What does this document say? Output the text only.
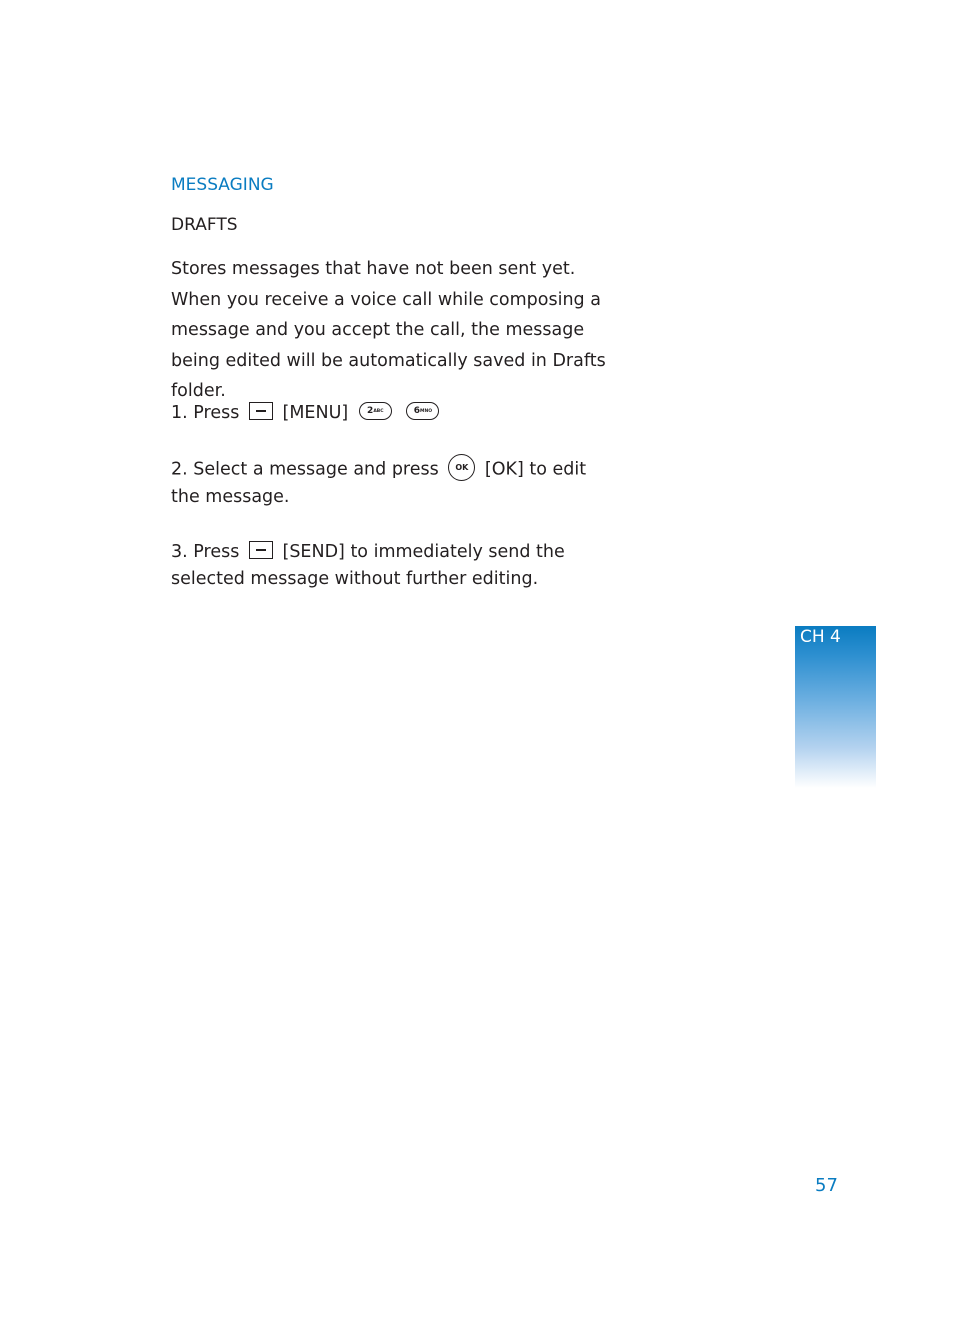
MESSAGING
DRAFTS
Stores messages that have not been sent yet. When you receive a voice call while composing a message and you accept the call, the message being edited will be automatically saved in Drafts folder.
1. Press [MENU] $2^{ABC}$	$6^{MNO}$
2. Select a message and press OK [OK] to edit the message.
3. Press [SEND] to immediately send the selected message without further editing.
CH 4
57
